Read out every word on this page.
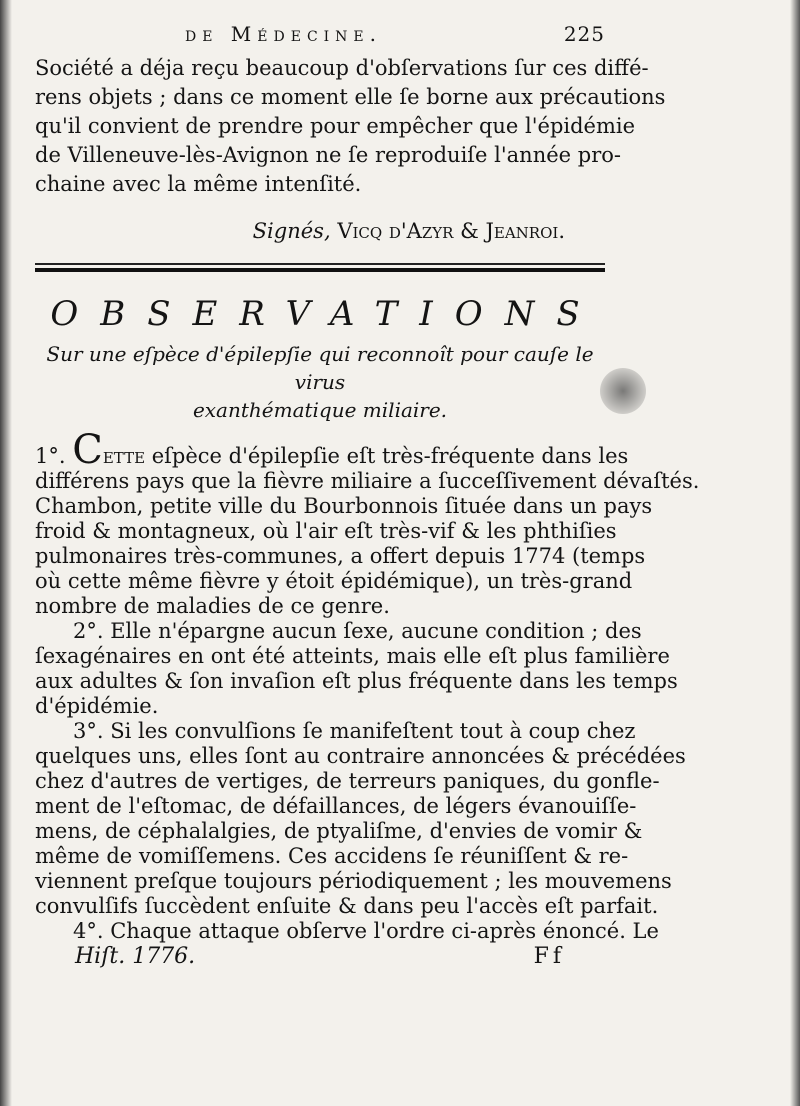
de Médecine.	225
Société a déja reçu beaucoup d'obſervations ſur ces diffé-
rens objets ; dans ce moment elle ſe borne aux précautions
qu'il convient de prendre pour empêcher que l'épidémie
de Villeneuve-lès-Avignon ne ſe reproduiſe l'année pro-
chaine avec la même intenſité.
Signés, Vicq d'Azyr & Jeanroi.
OBSERVATIONS
Sur une eſpèce d'épilepſie qui reconnoît pour cauſe le virus
exanthématique miliaire.
1°. Cette eſpèce d'épilepſie eſt très-fréquente dans les
différens pays que la fièvre miliaire a ſucceſſivement dévaſtés.
Chambon, petite ville du Bourbonnois ſituée dans un pays
froid & montagneux, où l'air eſt très-vif & les phthiſies
pulmonaires très-communes, a offert depuis 1774 (temps
où cette même fièvre y étoit épidémique), un très-grand
nombre de maladies de ce genre.
2°. Elle n'épargne aucun ſexe, aucune condition ; des
ſexagénaires en ont été atteints, mais elle eſt plus familière
aux adultes & ſon invaſion eſt plus fréquente dans les temps
d'épidémie.
3°. Si les convulſions ſe manifeſtent tout à coup chez
quelques uns, elles ſont au contraire annoncées & précédées
chez d'autres de vertiges, de terreurs paniques, du gonfle-
ment de l'eſtomac, de défaillances, de légers évanouiſſe-
mens, de céphalalgies, de ptyaliſme, d'envies de vomir &
même de vomiſſemens. Ces accidens ſe réuniſſent & re-
viennent preſque toujours périodiquement ; les mouvemens
convulſifs ſuccèdent enſuite & dans peu l'accès eſt parfait.
4°. Chaque attaque obſerve l'ordre ci-après énoncé. Le
Hiſt. 1776.	Ff
